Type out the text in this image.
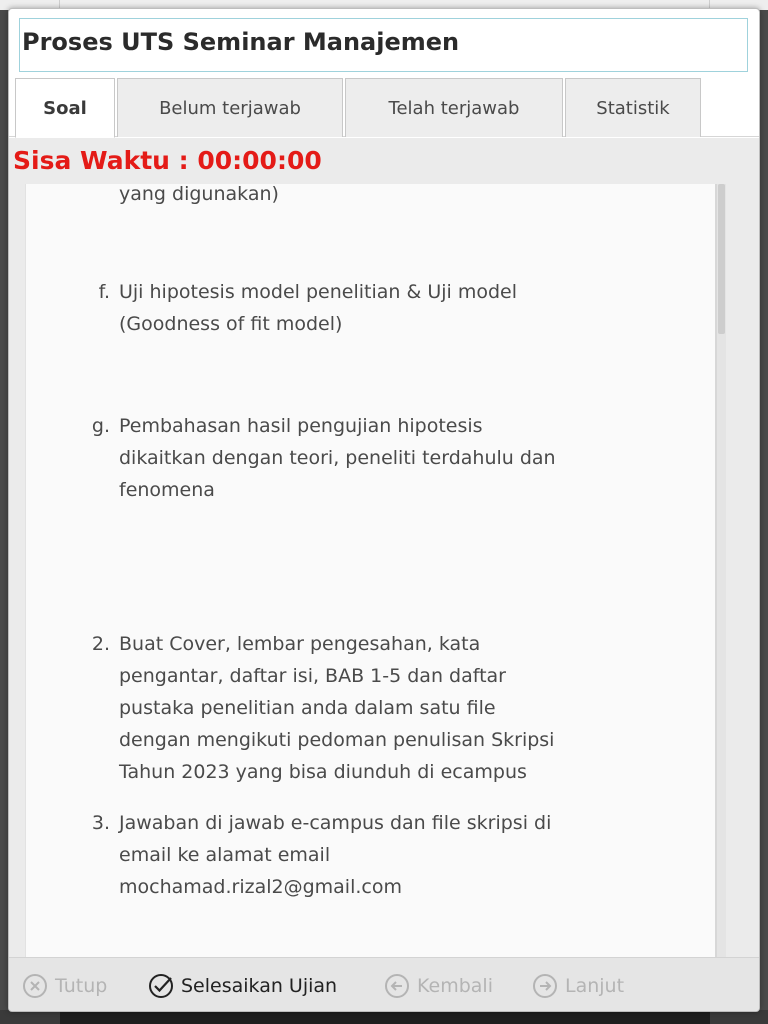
Proses UTS Seminar Manajemen
Soal	Belum terjawab	Telah terjawab	Statistik
Sisa Waktu : 00:00:00
yang digunakan)
f. Uji hipotesis model penelitian & Uji model
(Goodness of fit model)
g. Pembahasan hasil pengujian hipotesis
dikaitkan dengan teori, peneliti terdahulu dan
fenomena
2. Buat Cover, lembar pengesahan, kata
pengantar, daftar isi, BAB 1-5 dan daftar
pustaka penelitian anda dalam satu file
dengan mengikuti pedoman penulisan Skripsi
Tahun 2023 yang bisa diunduh di ecampus
3. Jawaban di jawab e-campus dan file skripsi di
email ke alamat email
mochamad.rizal2@gmail.com
Tutup	Selesaikan Ujian	Kembali	Lanjut
